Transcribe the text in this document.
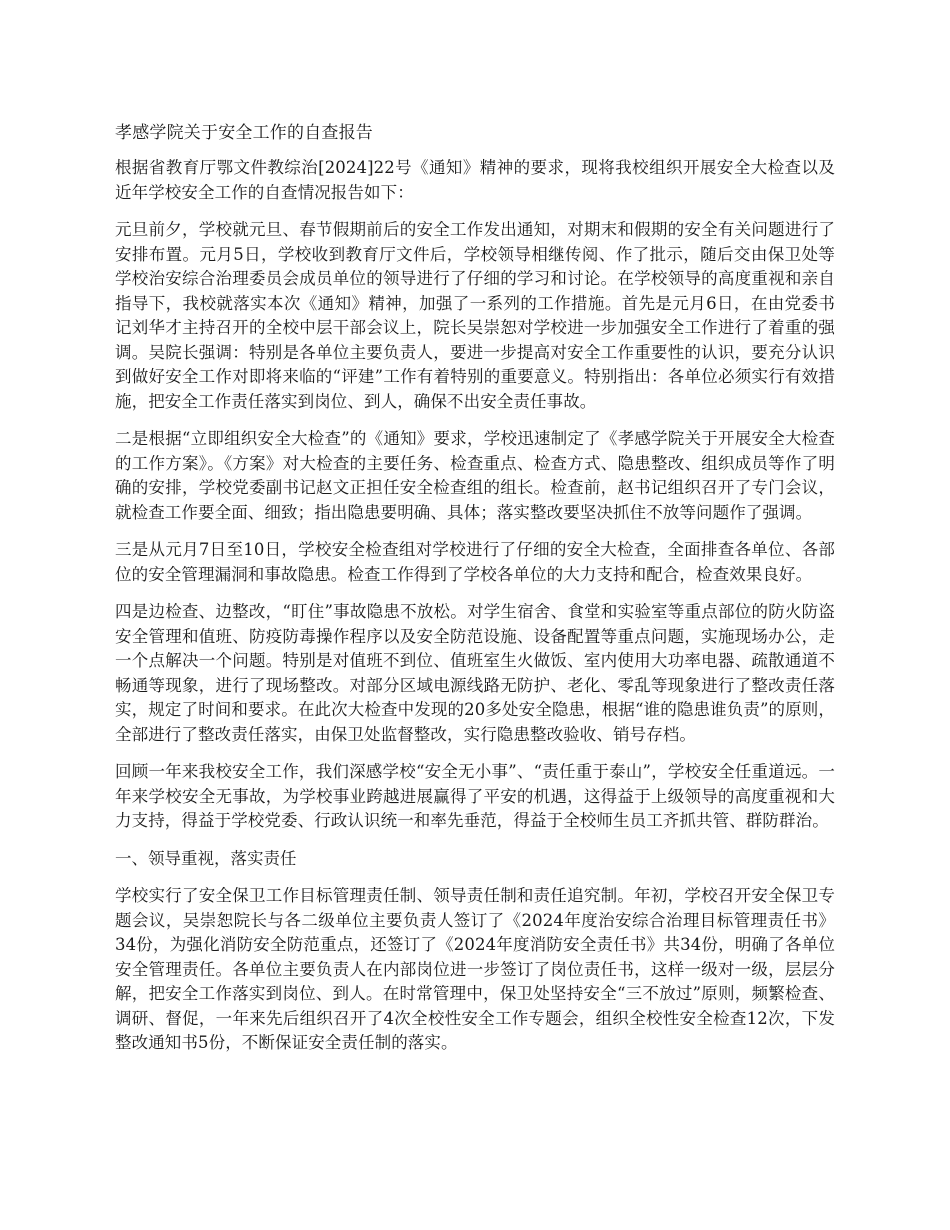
孝感学院关于安全工作的自查报告

根据省教育厅鄂文件教综治[2024]22号《通知》精神的要求，现将我校组织开展安全大检查以及近年学校安全工作的自查情况报告如下：

元旦前夕，学校就元旦、春节假期前后的安全工作发出通知，对期末和假期的安全有关问题进行了安排布置。元月5日，学校收到教育厅文件后，学校领导相继传阅、作了批示，随后交由保卫处等学校治安综合治理委员会成员单位的领导进行了仔细的学习和讨论。在学校领导的高度重视和亲自指导下，我校就落实本次《通知》精神，加强了一系列的工作措施。首先是元月6日，在由党委书记刘华才主持召开的全校中层干部会议上，院长吴崇恕对学校进一步加强安全工作进行了着重的强调。吴院长强调：特别是各单位主要负责人，要进一步提高对安全工作重要性的认识，要充分认识到做好安全工作对即将来临的“评建”工作有着特别的重要意义。特别指出：各单位必须实行有效措施，把安全工作责任落实到岗位、到人，确保不出安全责任事故。

二是根据“立即组织安全大检查”的《通知》要求，学校迅速制定了《孝感学院关于开展安全大检查的工作方案》。《方案》对大检查的主要任务、检查重点、检查方式、隐患整改、组织成员等作了明确的安排，学校党委副书记赵文正担任安全检查组的组长。检查前，赵书记组织召开了专门会议，就检查工作要全面、细致；指出隐患要明确、具体；落实整改要坚决抓住不放等问题作了强调。

三是从元月7日至10日，学校安全检查组对学校进行了仔细的安全大检查，全面排查各单位、各部位的安全管理漏洞和事故隐患。检查工作得到了学校各单位的大力支持和配合，检查效果良好。

四是边检查、边整改，“盯住”事故隐患不放松。对学生宿舍、食堂和实验室等重点部位的防火防盗安全管理和值班、防疫防毒操作程序以及安全防范设施、设备配置等重点问题，实施现场办公，走一个点解决一个问题。特别是对值班不到位、值班室生火做饭、室内使用大功率电器、疏散通道不畅通等现象，进行了现场整改。对部分区域电源线路无防护、老化、零乱等现象进行了整改责任落实，规定了时间和要求。在此次大检查中发现的20多处安全隐患，根据“谁的隐患谁负责”的原则，全部进行了整改责任落实，由保卫处监督整改，实行隐患整改验收、销号存档。

回顾一年来我校安全工作，我们深感学校“安全无小事”、“责任重于泰山”，学校安全任重道远。一年来学校安全无事故，为学校事业跨越进展赢得了平安的机遇，这得益于上级领导的高度重视和大力支持，得益于学校党委、行政认识统一和率先垂范，得益于全校师生员工齐抓共管、群防群治。

一、领导重视，落实责任

学校实行了安全保卫工作目标管理责任制、领导责任制和责任追究制。年初，学校召开安全保卫专题会议，吴崇恕院长与各二级单位主要负责人签订了《2024年度治安综合治理目标管理责任书》34份，为强化消防安全防范重点，还签订了《2024年度消防安全责任书》共34份，明确了各单位安全管理责任。各单位主要负责人在内部岗位进一步签订了岗位责任书，这样一级对一级，层层分解，把安全工作落实到岗位、到人。在时常管理中，保卫处坚持安全“三不放过”原则，频繁检查、调研、督促，一年来先后组织召开了4次全校性安全工作专题会，组织全校性安全检查12次，下发整改通知书5份，不断保证安全责任制的落实。
